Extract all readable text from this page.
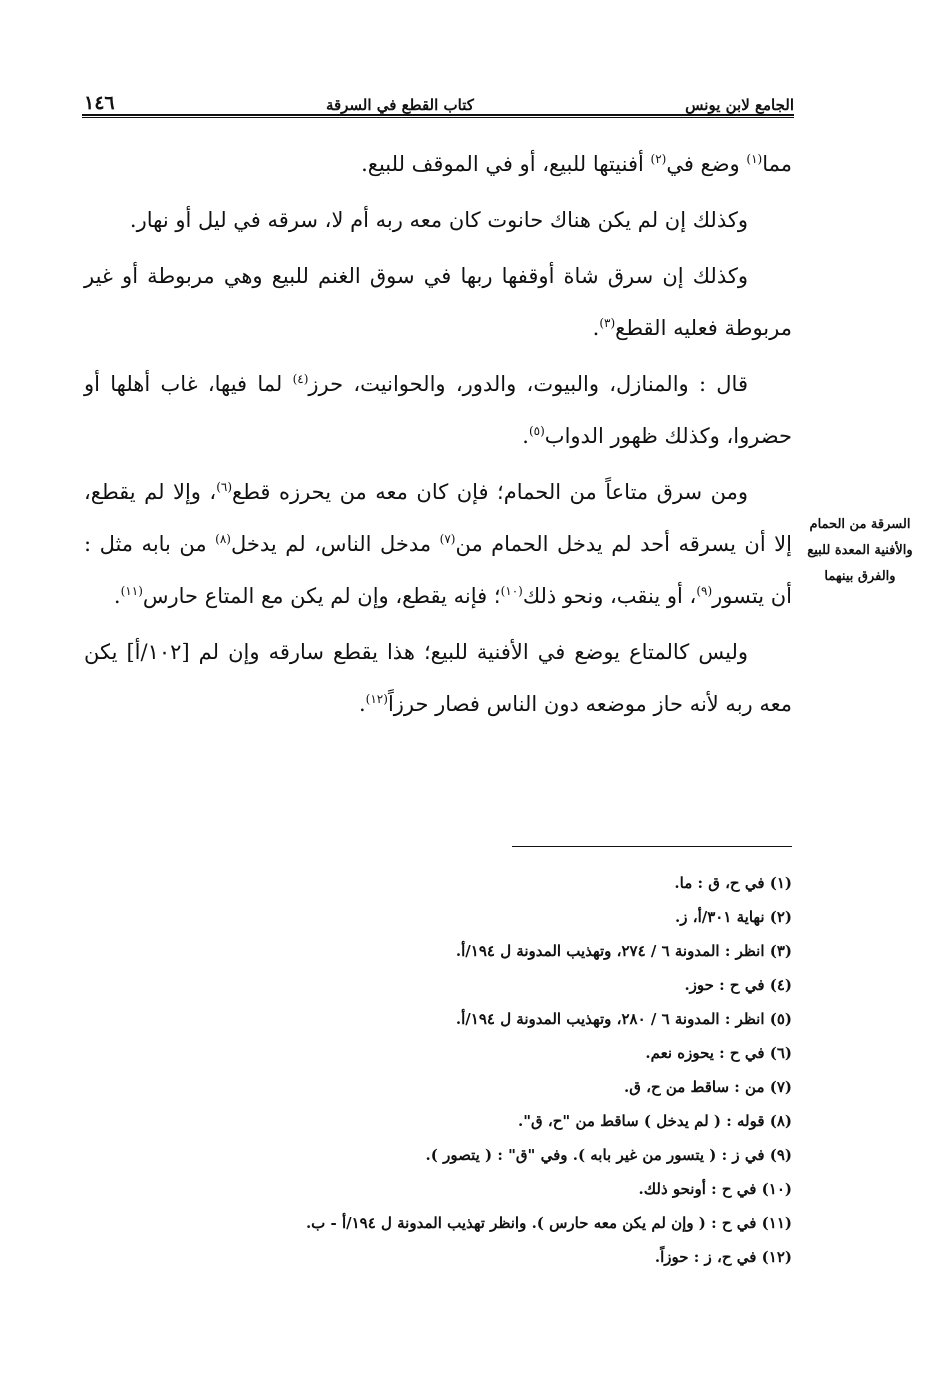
الجامع لابن يونس
كتاب القطع في السرقة
١٤٦

مما$^{(١)}$ وضع في$^{(٢)}$ أفنيتها للبيع، أو في الموقف للبيع.

وكذلك إن لم يكن هناك حانوت كان معه ربه أم لا، سرقه في ليل أو نهار.

وكذلك إن سرق شاة أوقفها ربها في سوق الغنم للبيع وهي مربوطة أو غير مربوطة فعليه القطع$^{(٣)}$.

قال : والمنازل، والبيوت، والدور، والحوانيت، حرز$^{(٤)}$ لما فيها، غاب أهلها أو حضروا، وكذلك ظهور الدواب$^{(٥)}$.

ومن سرق متاعاً من الحمام؛ فإن كان معه من يحرزه قطع$^{(٦)}$، وإلا لم يقطع، إلا أن يسرقه أحد لم يدخل الحمام من$^{(٧)}$ مدخل الناس، لم يدخل$^{(٨)}$ من بابه مثل : أن يتسور$^{(٩)}$، أو ينقب، ونحو ذلك$^{(١٠)}$؛ فإنه يقطع، وإن لم يكن مع المتاع حارس$^{(١١)}$.

وليس كالمتاع يوضع في الأفنية للبيع؛ هذا يقطع سارقه وإن لم [١٠٢/أ] يكن معه ربه لأنه حاز موضعه دون الناس فصار حرزاً$^{(١٢)}$.

السرقة من الحمام والأفنية المعدة للبيع والفرق بينهما
(١) في ح، ق : ما.
(٢) نهاية ٣٠١/أ، ز.
(٣) انظر : المدونة ٦ / ٢٧٤، وتهذيب المدونة ل ١٩٤/أ.
(٤) في ح : حوز.
(٥) انظر : المدونة ٦ / ٢٨٠، وتهذيب المدونة ل ١٩٤/أ.
(٦) في ح : يحوزه نعم.
(٧) من : ساقط من ح، ق.
(٨) قوله : ( لم يدخل ) ساقط من "ح، ق".
(٩) في ز : ( يتسور من غير بابه ). وفي "ق" : ( يتصور ).
(١٠) في ح : أونحو ذلك.
(١١) في ح : ( وإن لم يكن معه حارس ). وانظر تهذيب المدونة ل ١٩٤/أ - ب.
(١٢) في ح، ز : حوزاً.
